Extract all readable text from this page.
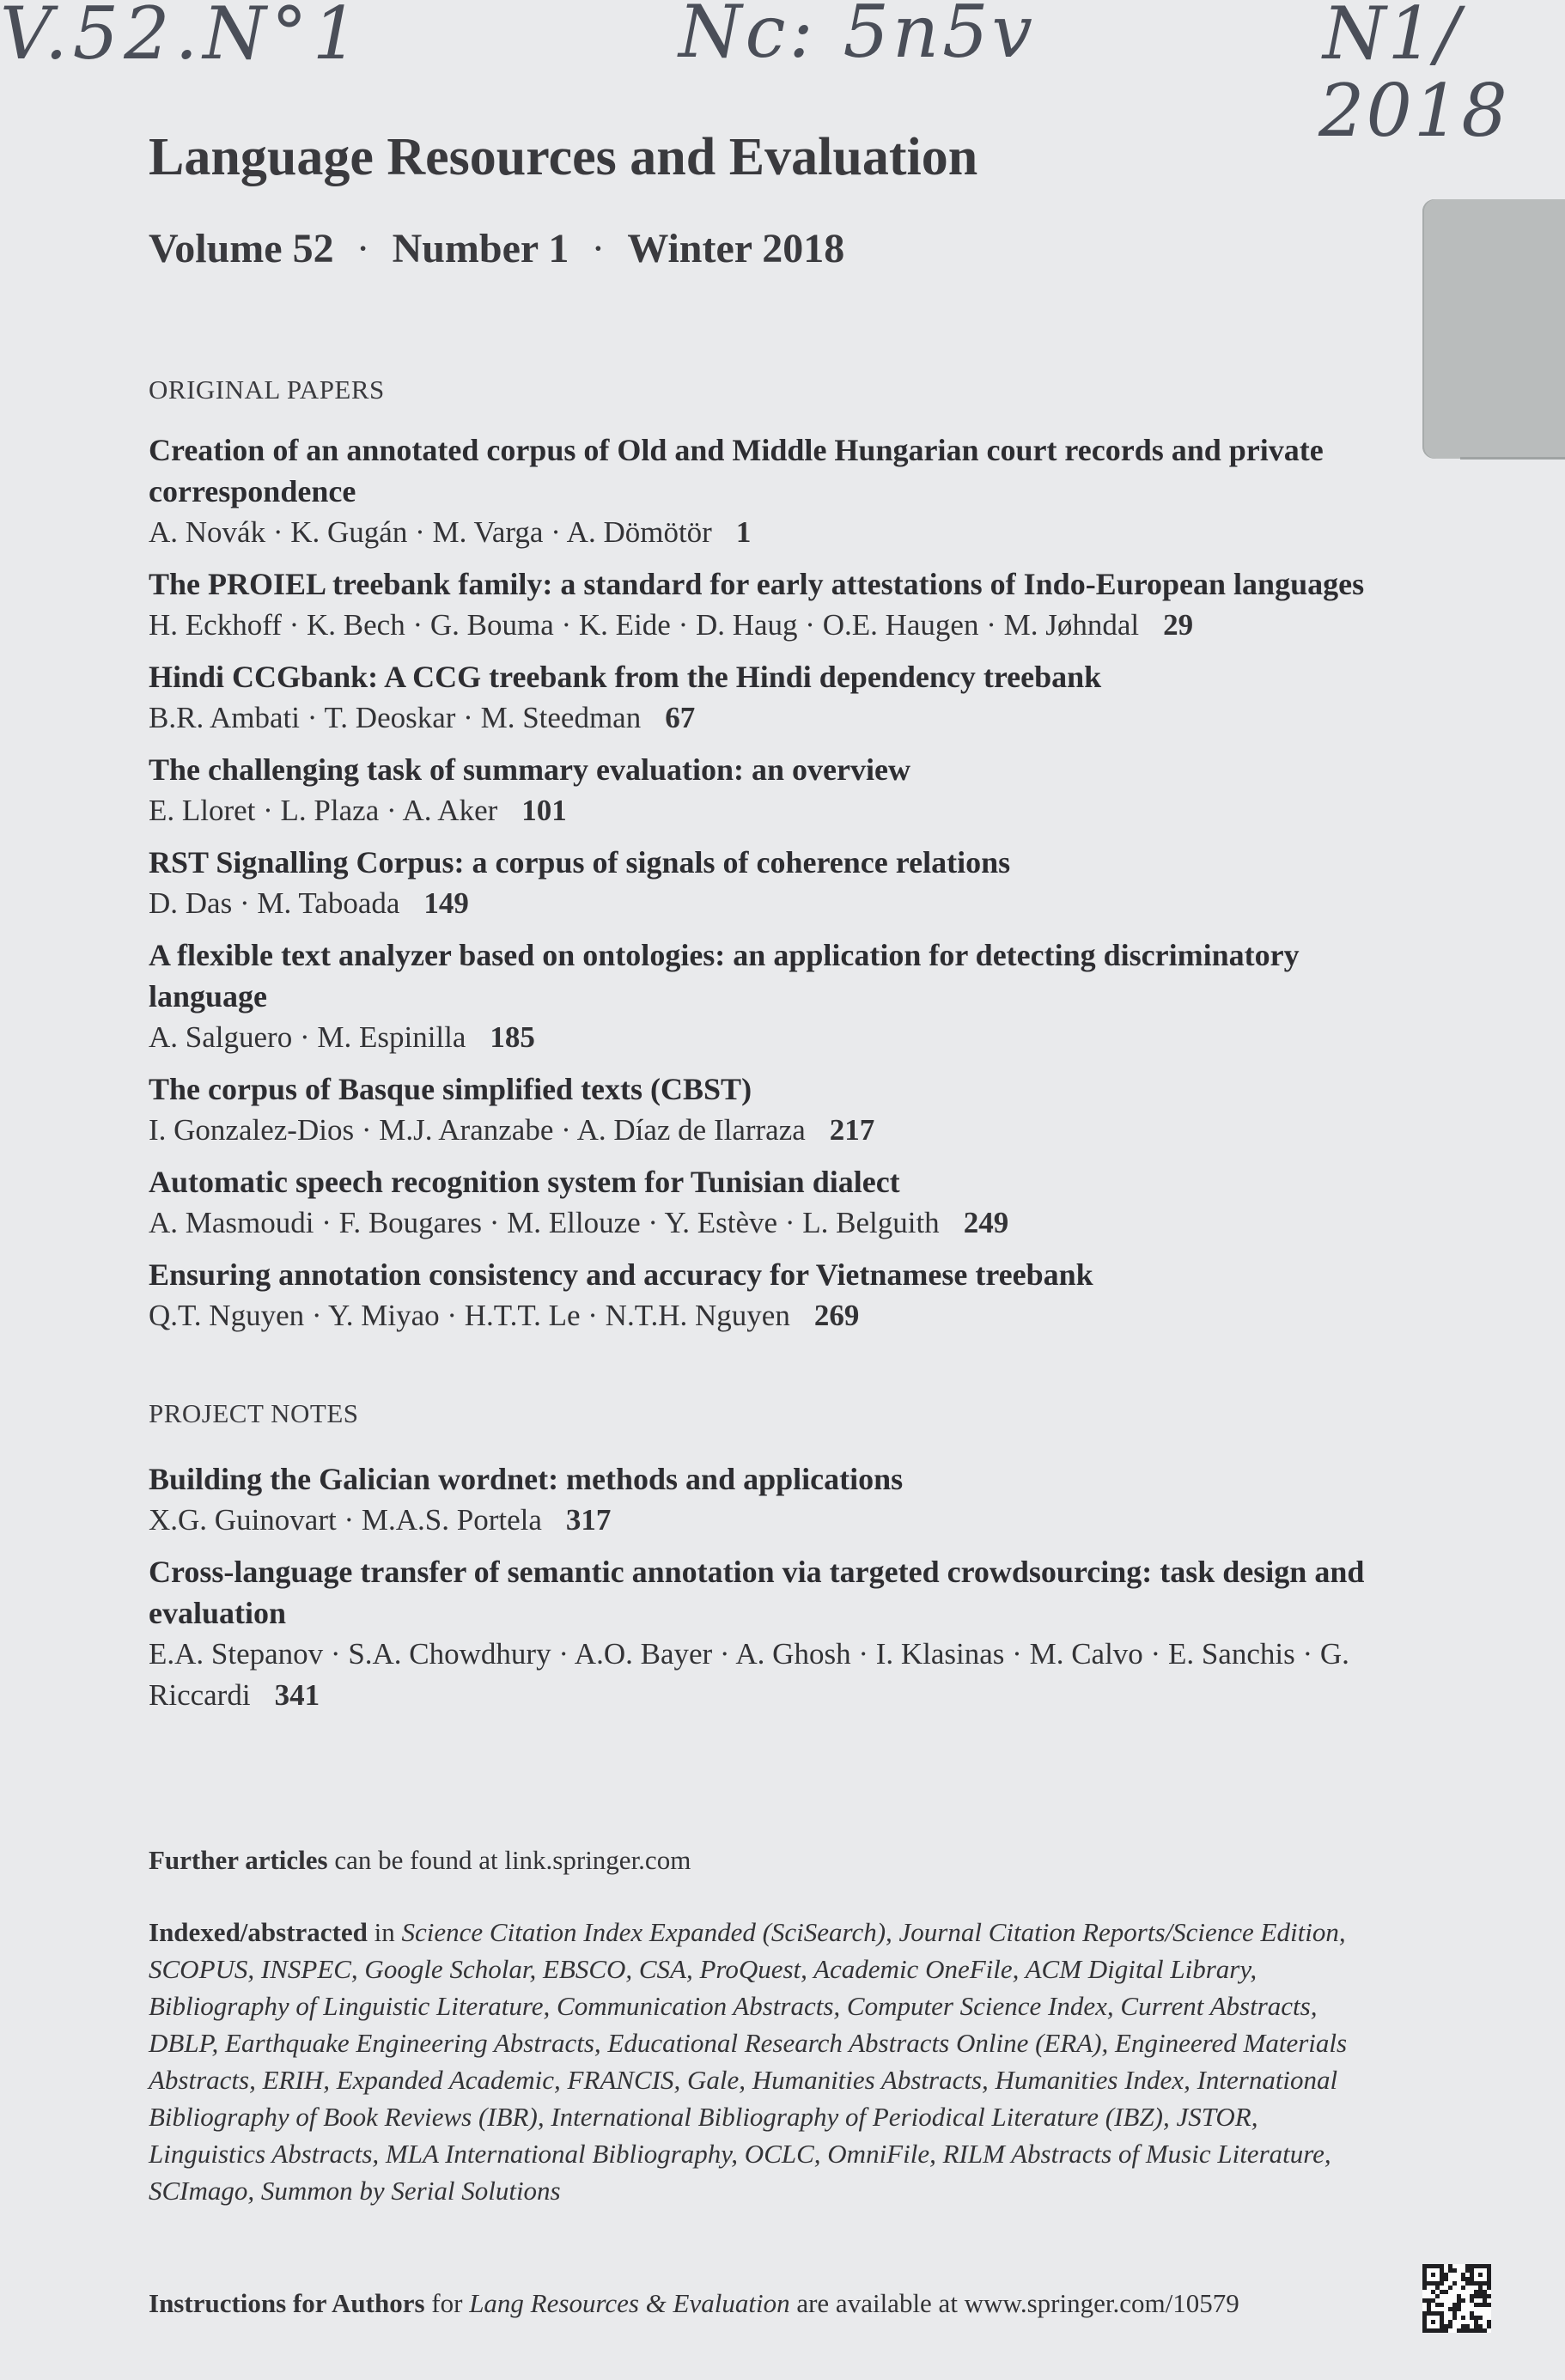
V.52.N°1	Nc: 5n5v	N1/
2018
Language Resources and Evaluation
Volume 52 · Number 1 · Winter 2018
ORIGINAL PAPERS
Creation of an annotated corpus of Old and Middle Hungarian court records and private correspondence
A. Novák · K. Gugán · M. Varga · A. Dömötör 1
The PROIEL treebank family: a standard for early attestations of Indo-European languages
H. Eckhoff · K. Bech · G. Bouma · K. Eide · D. Haug · O.E. Haugen · M. Jøhndal 29
Hindi CCGbank: A CCG treebank from the Hindi dependency treebank
B.R. Ambati · T. Deoskar · M. Steedman 67
The challenging task of summary evaluation: an overview
E. Lloret · L. Plaza · A. Aker 101
RST Signalling Corpus: a corpus of signals of coherence relations
D. Das · M. Taboada 149
A flexible text analyzer based on ontologies: an application for detecting discriminatory language
A. Salguero · M. Espinilla 185
The corpus of Basque simplified texts (CBST)
I. Gonzalez-Dios · M.J. Aranzabe · A. Díaz de Ilarraza 217
Automatic speech recognition system for Tunisian dialect
A. Masmoudi · F. Bougares · M. Ellouze · Y. Estève · L. Belguith 249
Ensuring annotation consistency and accuracy for Vietnamese treebank
Q.T. Nguyen · Y. Miyao · H.T.T. Le · N.T.H. Nguyen 269
PROJECT NOTES
Building the Galician wordnet: methods and applications
X.G. Guinovart · M.A.S. Portela 317
Cross-language transfer of semantic annotation via targeted crowdsourcing: task design and evaluation
E.A. Stepanov · S.A. Chowdhury · A.O. Bayer · A. Ghosh · I. Klasinas · M. Calvo · E. Sanchis · G. Riccardi 341
Further articles can be found at link.springer.com
Indexed/abstracted in Science Citation Index Expanded (SciSearch), Journal Citation Reports/Science Edition, SCOPUS, INSPEC, Google Scholar, EBSCO, CSA, ProQuest, Academic OneFile, ACM Digital Library, Bibliography of Linguistic Literature, Communication Abstracts, Computer Science Index, Current Abstracts, DBLP, Earthquake Engineering Abstracts, Educational Research Abstracts Online (ERA), Engineered Materials Abstracts, ERIH, Expanded Academic, FRANCIS, Gale, Humanities Abstracts, Humanities Index, International Bibliography of Book Reviews (IBR), International Bibliography of Periodical Literature (IBZ), JSTOR, Linguistics Abstracts, MLA International Bibliography, OCLC, OmniFile, RILM Abstracts of Music Literature, SCImago, Summon by Serial Solutions
Instructions for Authors for Lang Resources & Evaluation are available at www.springer.com/10579
